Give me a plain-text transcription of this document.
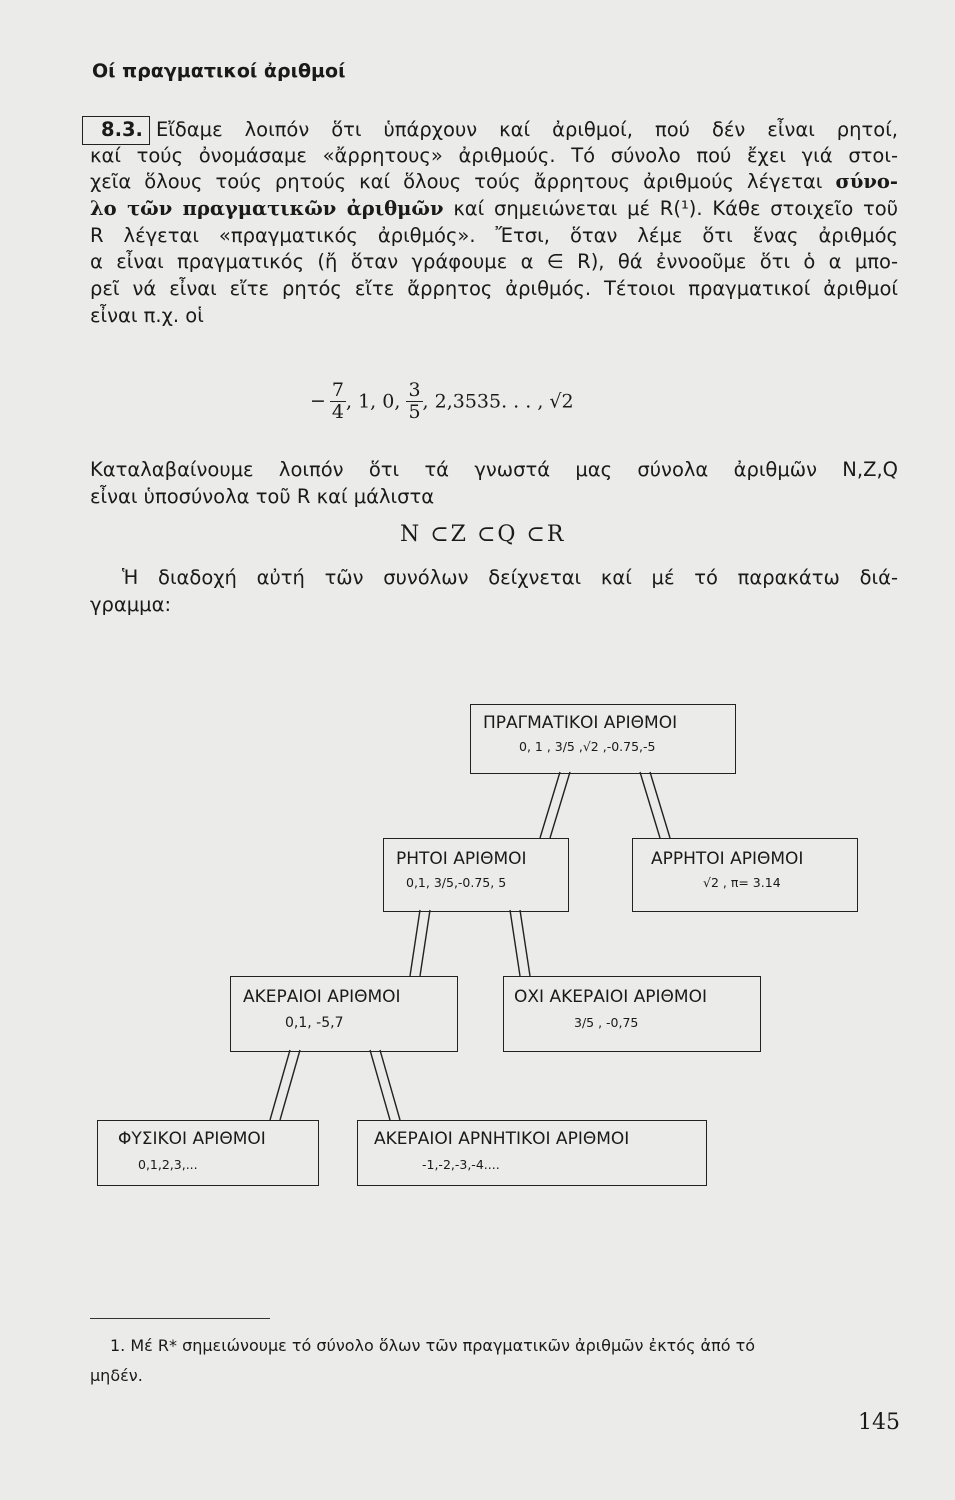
Οί πραγματικοί ἀριθμοί
8.3. Εἴδαμε λοιπόν ὅτι ὑπάρχουν καί ἀριθμοί, πού δέν εἶναι ρητοί,
καί τούς ὀνομάσαμε «ἄρρητους» ἀριθμούς. Τό σύνολο πού ἔχει γιά στοι-
χεῖα ὅλους τούς ρητούς καί ὅλους τούς ἄρρητους ἀριθμούς λέγεται σύνο-
λο τῶν πραγματικῶν ἀριθμῶν καί σημειώνεται μέ R(¹). Κάθε στοιχεῖο τοῦ
R λέγεται «πραγματικός ἀριθμός». Ἔτσι, ὅταν λέμε ὅτι ἕνας ἀριθμός
α εἶναι πραγματικός (ἤ ὅταν γράφουμε α ∈ R), θά ἐννοοῦμε ὅτι ὁ α μπο-
ρεῖ νά εἶναι εἴτε ρητός εἴτε ἄρρητος ἀριθμός. Τέτοιοι πραγματικοί ἀριθμοί
εἶναι π.χ. οἱ
− $\frac{7}{4}$ , 1, 0, $\frac{3}{5}$ , 2,3535. . . , √2
Καταλαβαίνουμε λοιπόν ὅτι τά γνωστά μας σύνολα ἀριθμῶν N,Z,Q
εἶναι ὑποσύνολα τοῦ R καί μάλιστα
N ⊂Z ⊂Q ⊂R
Ἡ διαδοχή αὐτή τῶν συνόλων δείχνεται καί μέ τό παρακάτω διά-
γραμμα:
ΠΡΑΓΜΑΤΙΚΟΙ ΑΡΙΘΜΟΙ
0, 1 , 3/5 ,√2 ,-0.75,-5
ΡΗΤΟΙ ΑΡΙΘΜΟΙ
0,1, 3/5,-0.75, 5
ΑΡΡΗΤΟΙ ΑΡΙΘΜΟΙ
√2 , π= 3.14
ΑΚΕΡΑΙΟΙ ΑΡΙΘΜΟΙ
0,1, -5,7
ΟΧΙ ΑΚΕΡΑΙΟΙ ΑΡΙΘΜΟΙ
3/5 , -0,75
ΦΥΣΙΚΟΙ ΑΡΙΘΜΟΙ
0,1,2,3,...
ΑΚΕΡΑΙΟΙ ΑΡΝΗΤΙΚΟΙ ΑΡΙΘΜΟΙ
-1,-2,-3,-4....
1. Μέ R* σημειώνουμε τό σύνολο ὅλων τῶν πραγματικῶν ἀριθμῶν ἐκτός ἀπό τό
μηδέν.
145
